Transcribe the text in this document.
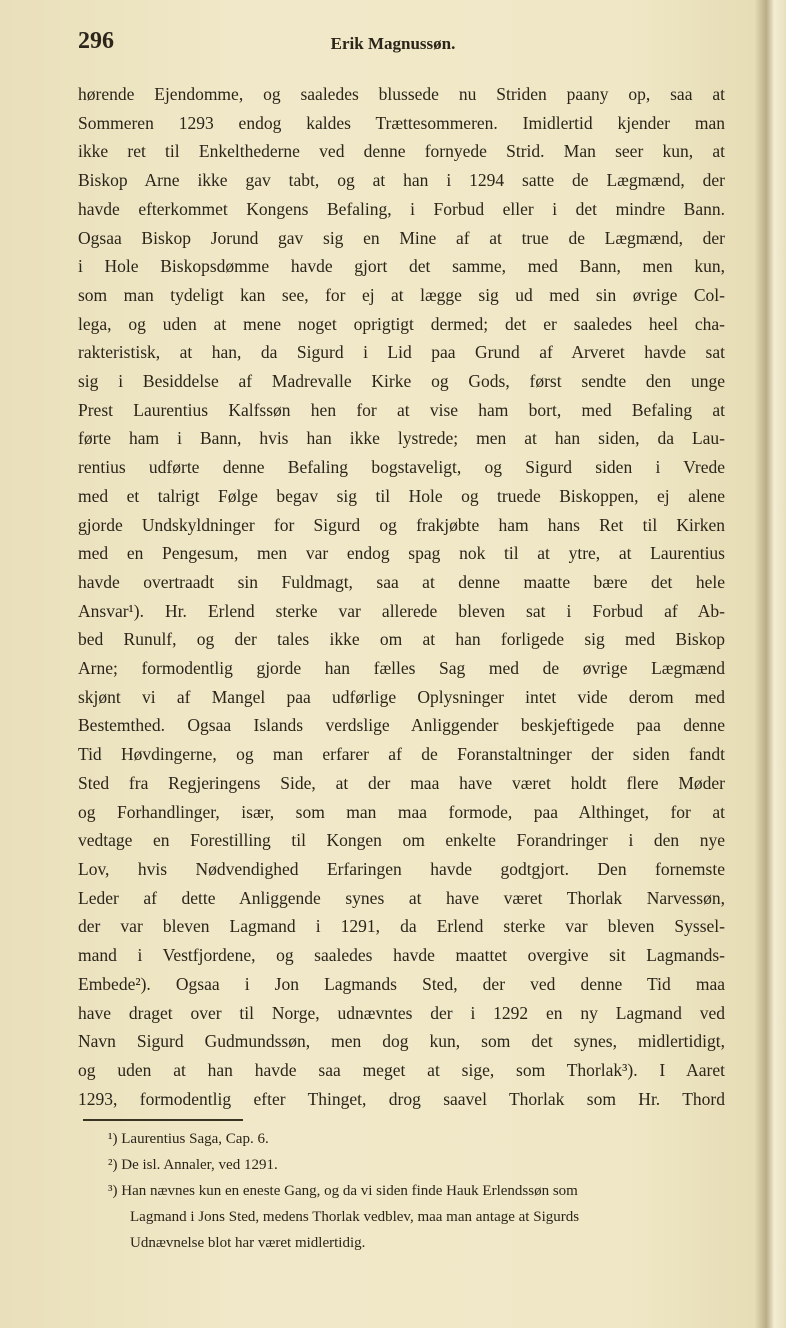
296	Erik Magnussøn.
hørende Ejendomme, og saaledes blussede nu Striden paany op, saa at
Sommeren 1293 endog kaldes Trættesommeren. Imidlertid kjender man
ikke ret til Enkelthederne ved denne fornyede Strid. Man seer kun, at
Biskop Arne ikke gav tabt, og at han i 1294 satte de Lægmænd, der
havde efterkommet Kongens Befaling, i Forbud eller i det mindre Bann.
Ogsaa Biskop Jorund gav sig en Mine af at true de Lægmænd, der
i Hole Biskopsdømme havde gjort det samme, med Bann, men kun,
som man tydeligt kan see, for ej at lægge sig ud med sin øvrige Col-
lega, og uden at mene noget oprigtigt dermed; det er saaledes heel cha-
rakteristisk, at han, da Sigurd i Lid paa Grund af Arveret havde sat
sig i Besiddelse af Madrevalle Kirke og Gods, først sendte den unge
Prest Laurentius Kalfssøn hen for at vise ham bort, med Befaling at
førte ham i Bann, hvis han ikke lystrede; men at han siden, da Lau-
rentius udførte denne Befaling bogstaveligt, og Sigurd siden i Vrede
med et talrigt Følge begav sig til Hole og truede Biskoppen, ej alene
gjorde Undskyldninger for Sigurd og frakjøbte ham hans Ret til Kirken
med en Pengesum, men var endog spag nok til at ytre, at Laurentius
havde overtraadt sin Fuldmagt, saa at denne maatte bære det hele
Ansvar¹). Hr. Erlend sterke var allerede bleven sat i Forbud af Ab-
bed Runulf, og der tales ikke om at han forligede sig med Biskop
Arne; formodentlig gjorde han fælles Sag med de øvrige Lægmænd
skjønt vi af Mangel paa udførlige Oplysninger intet vide derom med
Bestemthed. Ogsaa Islands verdslige Anliggender beskjeftigede paa denne
Tid Høvdingerne, og man erfarer af de Foranstaltninger der siden fandt
Sted fra Regjeringens Side, at der maa have været holdt flere Møder
og Forhandlinger, især, som man maa formode, paa Althinget, for at
vedtage en Forestilling til Kongen om enkelte Forandringer i den nye
Lov, hvis Nødvendighed Erfaringen havde godtgjort. Den fornemste
Leder af dette Anliggende synes at have været Thorlak Narvessøn,
der var bleven Lagmand i 1291, da Erlend sterke var bleven Syssel-
mand i Vestfjordene, og saaledes havde maattet overgive sit Lagmands-
Embede²). Ogsaa i Jon Lagmands Sted, der ved denne Tid maa
have draget over til Norge, udnævntes der i 1292 en ny Lagmand ved
Navn Sigurd Gudmundssøn, men dog kun, som det synes, midlertidigt,
og uden at han havde saa meget at sige, som Thorlak³). I Aaret
1293, formodentlig efter Thinget, drog saavel Thorlak som Hr. Thord
¹) Laurentius Saga, Cap. 6.
²) De isl. Annaler, ved 1291.
³) Han nævnes kun en eneste Gang, og da vi siden finde Hauk Erlendssøn som
Lagmand i Jons Sted, medens Thorlak vedblev, maa man antage at Sigurds
Udnævnelse blot har været midlertidig.
